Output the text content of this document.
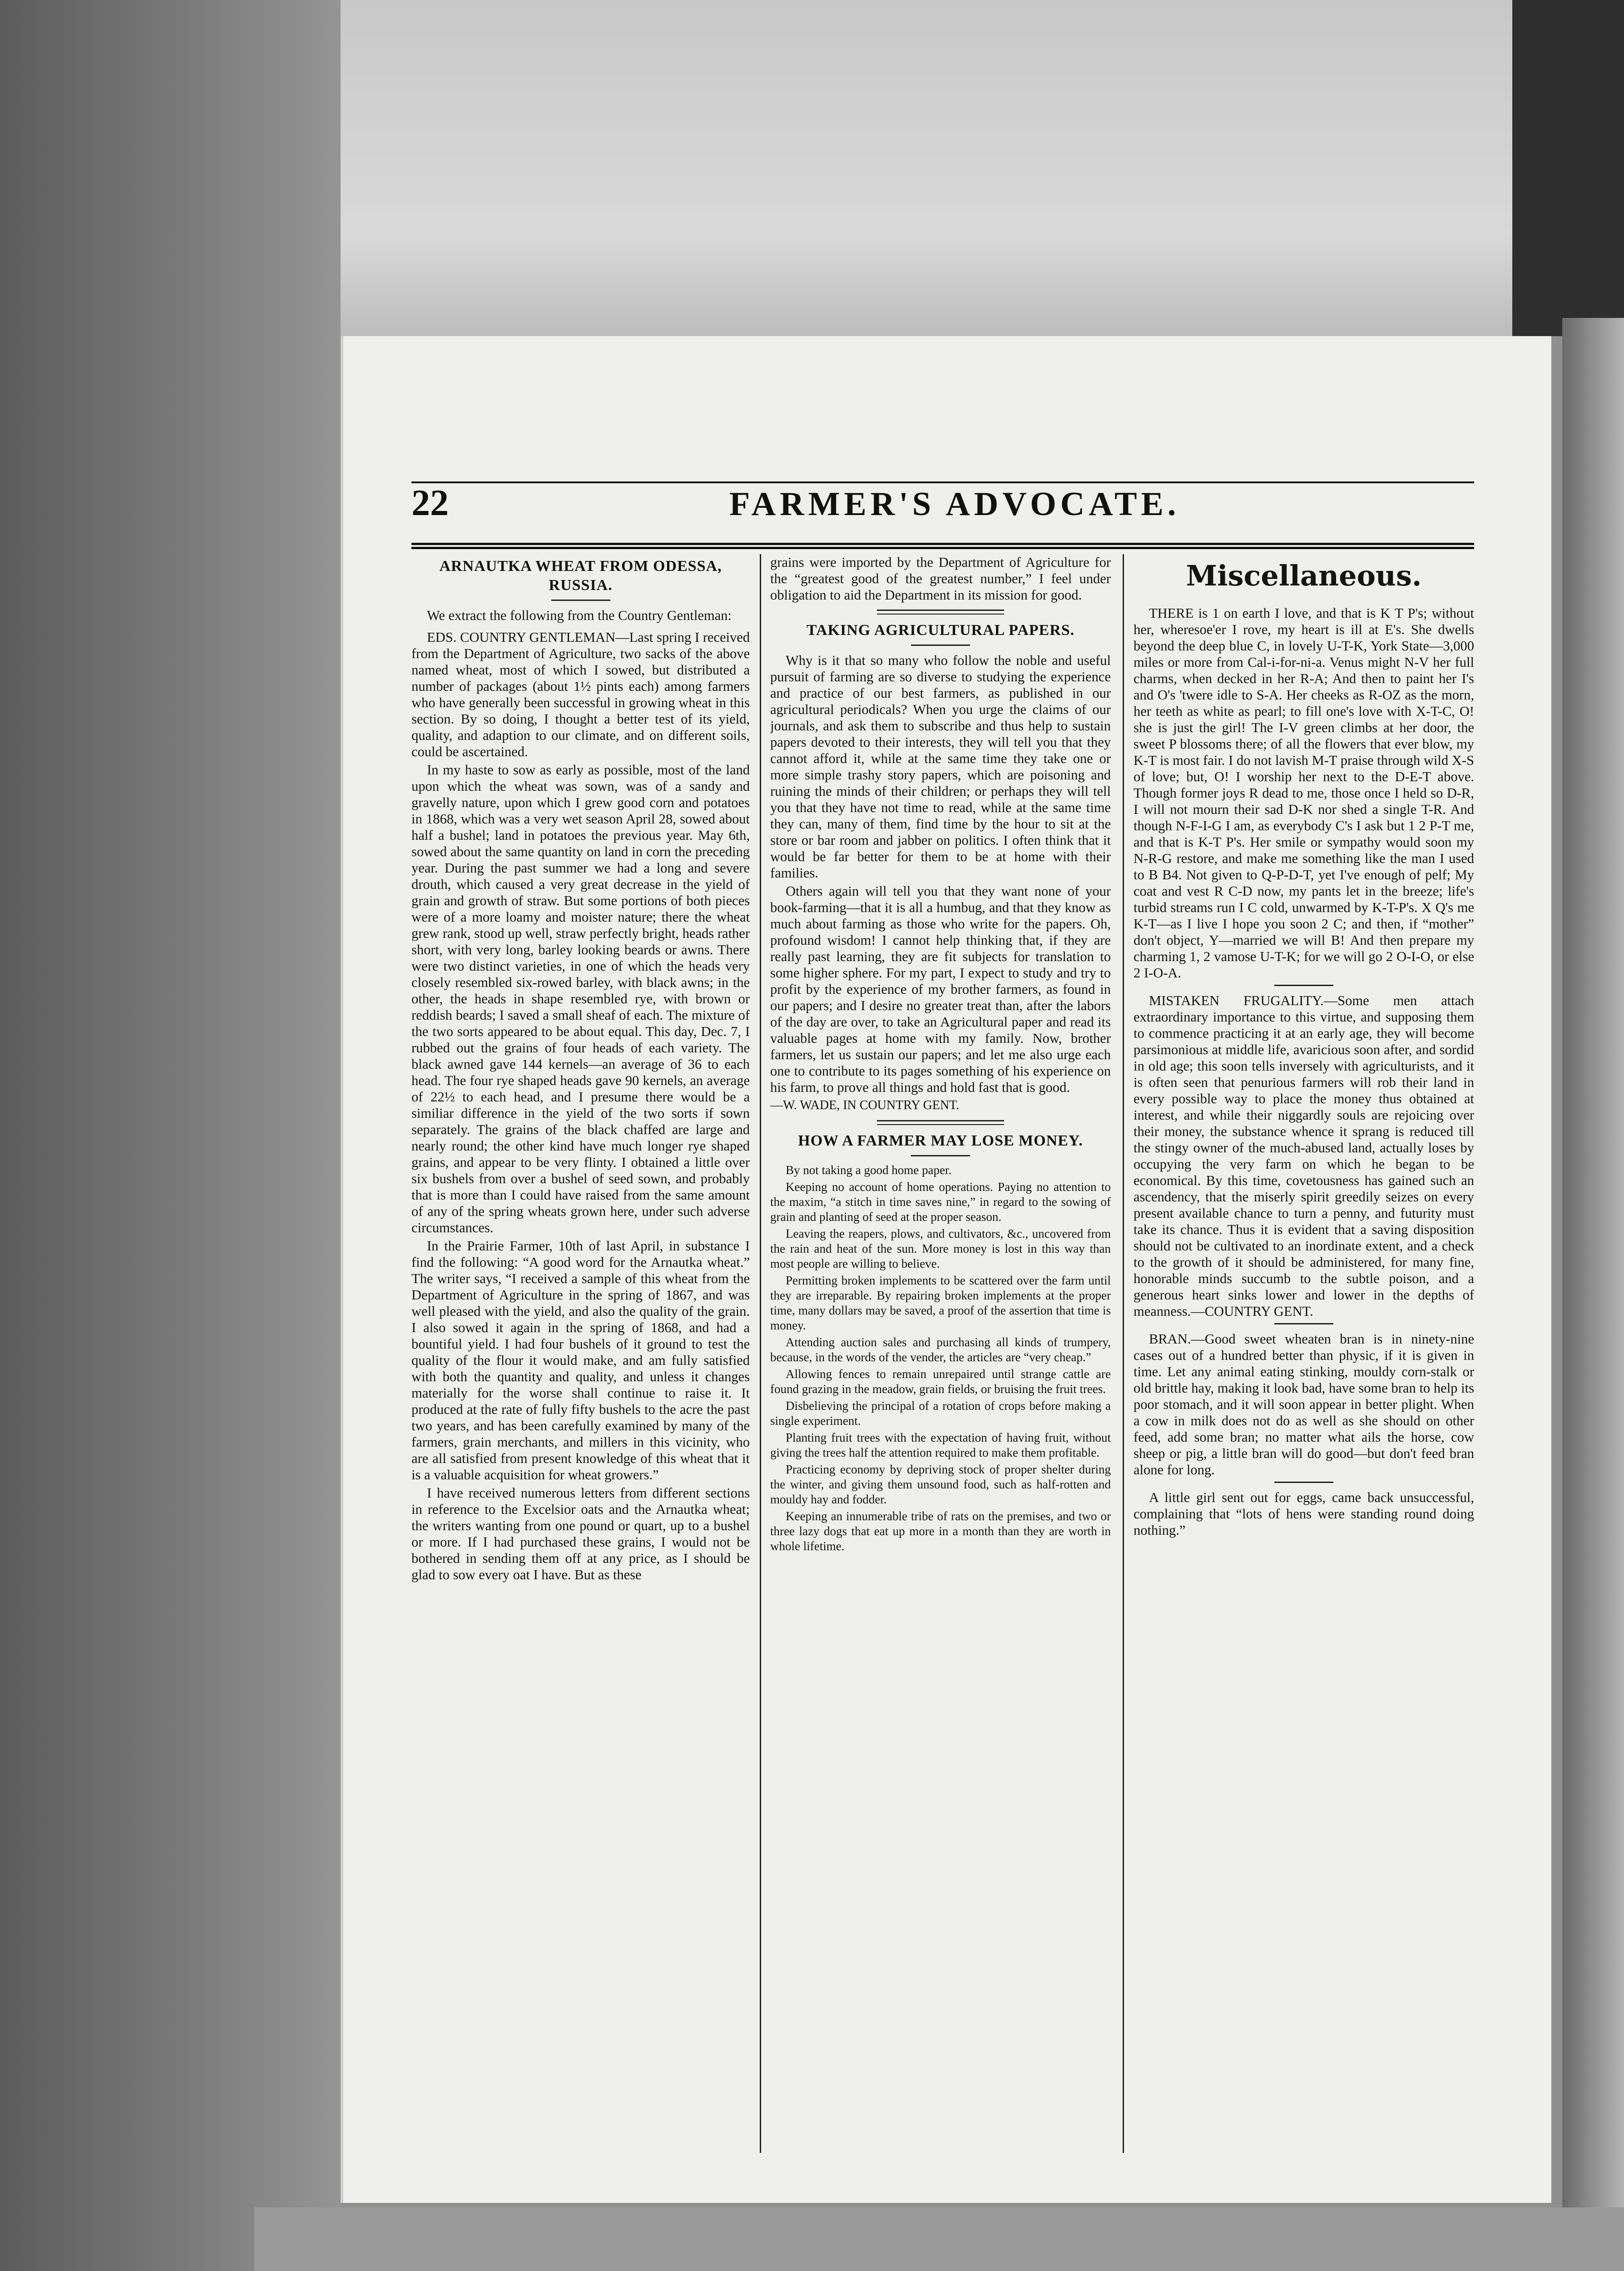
22	FARMER'S ADVOCATE.
ARNAUTKA WHEAT FROM ODESSA, RUSSIA.

We extract the following from the Country Gentleman:

EDS. COUNTRY GENTLEMAN—Last spring I received from the Department of Agriculture, two sacks of the above named wheat, most of which I sowed, but distributed a number of packages (about 1½ pints each) among farmers who have generally been successful in growing wheat in this section. By so doing, I thought a better test of its yield, quality, and adaption to our climate, and on different soils, could be ascertained.

In my haste to sow as early as possible, most of the land upon which the wheat was sown, was of a sandy and gravelly nature, upon which I grew good corn and potatoes in 1868, which was a very wet season April 28, sowed about half a bushel; land in potatoes the previous year. May 6th, sowed about the same quantity on land in corn the preceding year. During the past summer we had a long and severe drouth, which caused a very great decrease in the yield of grain and growth of straw. But some portions of both pieces were of a more loamy and moister nature; there the wheat grew rank, stood up well, straw perfectly bright, heads rather short, with very long, barley looking beards or awns. There were two distinct varieties, in one of which the heads very closely resembled six-rowed barley, with black awns; in the other, the heads in shape resembled rye, with brown or reddish beards; I saved a small sheaf of each. The mixture of the two sorts appeared to be about equal. This day, Dec. 7, I rubbed out the grains of four heads of each variety. The black awned gave 144 kernels—an average of 36 to each head. The four rye shaped heads gave 90 kernels, an average of 22½ to each head, and I presume there would be a similiar difference in the yield of the two sorts if sown separately. The grains of the black chaffed are large and nearly round; the other kind have much longer rye shaped grains, and appear to be very flinty. I obtained a little over six bushels from over a bushel of seed sown, and probably that is more than I could have raised from the same amount of any of the spring wheats grown here, under such adverse circumstances.

In the Prairie Farmer, 10th of last April, in substance I find the following: “A good word for the Arnautka wheat.” The writer says, “I received a sample of this wheat from the Department of Agriculture in the spring of 1867, and was well pleased with the yield, and also the quality of the grain. I also sowed it again in the spring of 1868, and had a bountiful yield. I had four bushels of it ground to test the quality of the flour it would make, and am fully satisfied with both the quantity and quality, and unless it changes materially for the worse shall continue to raise it. It produced at the rate of fully fifty bushels to the acre the past two years, and has been carefully examined by many of the farmers, grain merchants, and millers in this vicinity, who are all satisfied from present knowledge of this wheat that it is a valuable acquisition for wheat growers.”

I have received numerous letters from different sections in reference to the Excelsior oats and the Arnautka wheat; the writers wanting from one pound or quart, up to a bushel or more. If I had purchased these grains, I would not be bothered in sending them off at any price, as I should be glad to sow every oat I have. But as these

grains were imported by the Department of Agriculture for the “greatest good of the greatest number,” I feel under obligation to aid the Department in its mission for good.

TAKING AGRICULTURAL PAPERS.

Why is it that so many who follow the noble and useful pursuit of farming are so diverse to studying the experience and practice of our best farmers, as published in our agricultural periodicals? When you urge the claims of our journals, and ask them to subscribe and thus help to sustain papers devoted to their interests, they will tell you that they cannot afford it, while at the same time they take one or more simple trashy story papers, which are poisoning and ruining the minds of their children; or perhaps they will tell you that they have not time to read, while at the same time they can, many of them, find time by the hour to sit at the store or bar room and jabber on politics. I often think that it would be far better for them to be at home with their families.

Others again will tell you that they want none of your book-farming—that it is all a humbug, and that they know as much about farming as those who write for the papers. Oh, profound wisdom! I cannot help thinking that, if they are really past learning, they are fit subjects for translation to some higher sphere. For my part, I expect to study and try to profit by the experience of my brother farmers, as found in our papers; and I desire no greater treat than, after the labors of the day are over, to take an Agricultural paper and read its valuable pages at home with my family. Now, brother farmers, let us sustain our papers; and let me also urge each one to contribute to its pages something of his experience on his farm, to prove all things and hold fast that is good.

—W. WADE, IN COUNTRY GENT.

HOW A FARMER MAY LOSE MONEY.

By not taking a good home paper.

Keeping no account of home operations. Paying no attention to the maxim, “a stitch in time saves nine,” in regard to the sowing of grain and planting of seed at the proper season.

Leaving the reapers, plows, and cultivators, &c., uncovered from the rain and heat of the sun. More money is lost in this way than most people are willing to believe.

Permitting broken implements to be scattered over the farm until they are irreparable. By repairing broken implements at the proper time, many dollars may be saved, a proof of the assertion that time is money.

Attending auction sales and purchasing all kinds of trumpery, because, in the words of the vender, the articles are “very cheap.”

Allowing fences to remain unrepaired until strange cattle are found grazing in the meadow, grain fields, or bruising the fruit trees.

Disbelieving the principal of a rotation of crops before making a single experiment.

Planting fruit trees with the expectation of having fruit, without giving the trees half the attention required to make them profitable.

Practicing economy by depriving stock of proper shelter during the winter, and giving them unsound food, such as half-rotten and mouldy hay and fodder.

Keeping an innumerable tribe of rats on the premises, and two or three lazy dogs that eat up more in a month than they are worth in whole lifetime.

Miscellaneous.

THERE is 1 on earth I love, and that is K T P's; without her, wheresoe'er I rove, my heart is ill at E's. She dwells beyond the deep blue C, in lovely U-T-K, York State—3,000 miles or more from Cal-i-for-ni-a. Venus might N-V her full charms, when decked in her R-A; And then to paint her I's and O's 'twere idle to S-A. Her cheeks as R-OZ as the morn, her teeth as white as pearl; to fill one's love with X-T-C, O! she is just the girl! The I-V green climbs at her door, the sweet P blossoms there; of all the flowers that ever blow, my K-T is most fair. I do not lavish M-T praise through wild X-S of love; but, O! I worship her next to the D-E-T above. Though former joys R dead to me, those once I held so D-R, I will not mourn their sad D-K nor shed a single T-R. And though N-F-I-G I am, as everybody C's I ask but 1 2 P-T me, and that is K-T P's. Her smile or sympathy would soon my N-R-G restore, and make me something like the man I used to B B4. Not given to Q-P-D-T, yet I've enough of pelf; My coat and vest R C-D now, my pants let in the breeze; life's turbid streams run I C cold, unwarmed by K-T-P's. X Q's me K-T—as I live I hope you soon 2 C; and then, if “mother” don't object, Y—married we will B! And then prepare my charming 1, 2 vamose U-T-K; for we will go 2 O-I-O, or else 2 I-O-A.

MISTAKEN FRUGALITY.—Some men attach extraordinary importance to this virtue, and supposing them to commence practicing it at an early age, they will become parsimonious at middle life, avaricious soon after, and sordid in old age; this soon tells inversely with agriculturists, and it is often seen that penurious farmers will rob their land in every possible way to place the money thus obtained at interest, and while their niggardly souls are rejoicing over their money, the substance whence it sprang is reduced till the stingy owner of the much-abused land, actually loses by occupying the very farm on which he began to be economical. By this time, covetousness has gained such an ascendency, that the miserly spirit greedily seizes on every present available chance to turn a penny, and futurity must take its chance. Thus it is evident that a saving disposition should not be cultivated to an inordinate extent, and a check to the growth of it should be administered, for many fine, honorable minds succumb to the subtle poison, and a generous heart sinks lower and lower in the depths of meanness.—COUNTRY GENT.

BRAN.—Good sweet wheaten bran is in ninety-nine cases out of a hundred better than physic, if it is given in time. Let any animal eating stinking, mouldy corn-stalk or old brittle hay, making it look bad, have some bran to help its poor stomach, and it will soon appear in better plight. When a cow in milk does not do as well as she should on other feed, add some bran; no matter what ails the horse, cow sheep or pig, a little bran will do good—but don't feed bran alone for long.

A little girl sent out for eggs, came back unsuccessful, complaining that “lots of hens were standing round doing nothing.”
